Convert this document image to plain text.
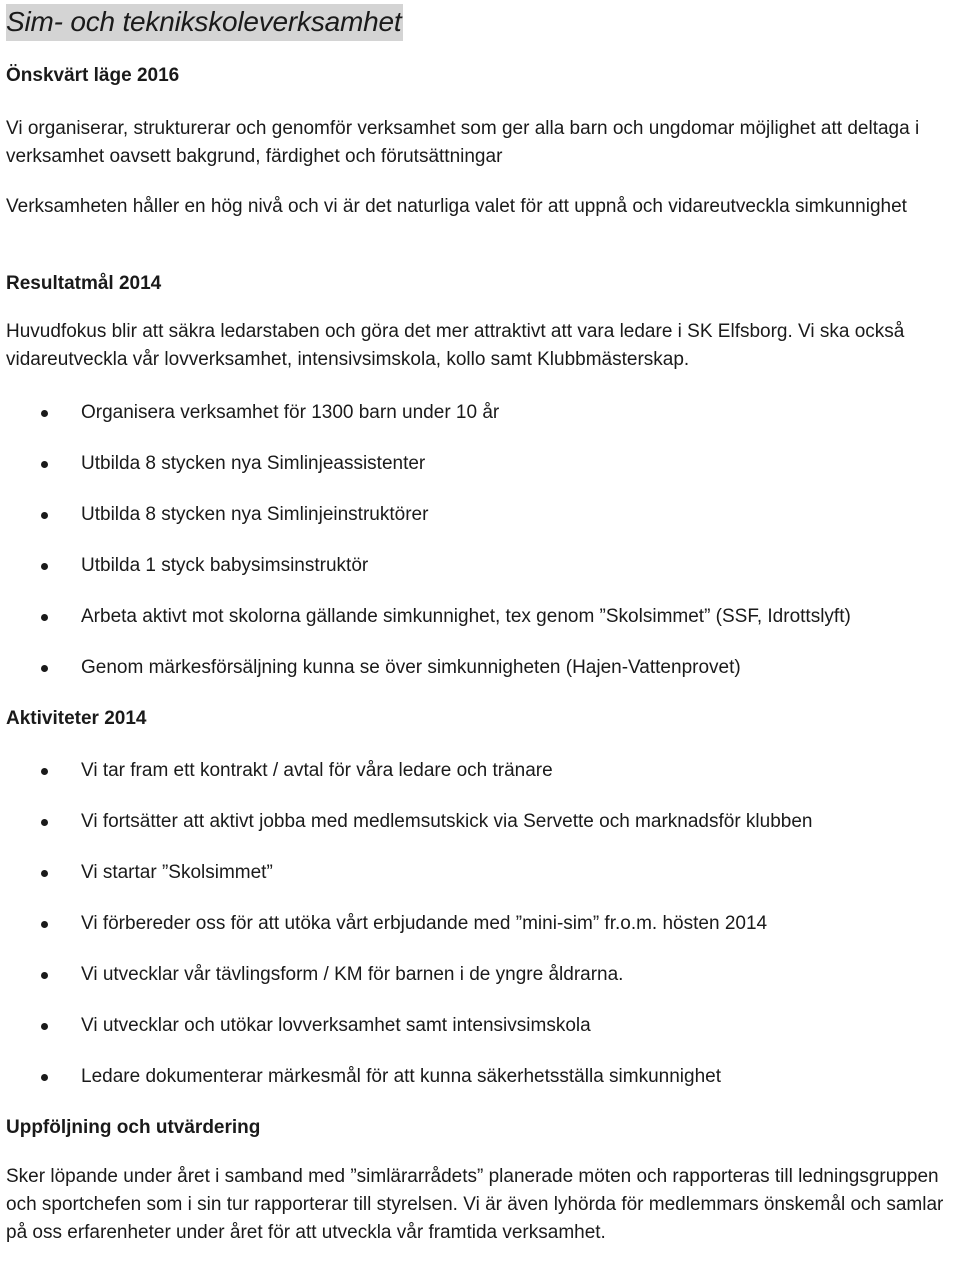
Sim- och teknikskoleverksamhet
Önskvärt läge 2016

Vi organiserar, strukturerar och genomför verksamhet som ger alla barn och ungdomar möjlighet att deltaga i verksamhet oavsett bakgrund, färdighet och förutsättningar

Verksamheten håller en hög nivå och vi är det naturliga valet för att uppnå och vidareutveckla simkunnighet

Resultatmål 2014

Huvudfokus blir att säkra ledarstaben och göra det mer attraktivt att vara ledare i SK Elfsborg. Vi ska också vidareutveckla vår lovverksamhet, intensivsimskola, kollo samt Klubbmästerskap.

Organisera verksamhet för 1300 barn under 10 år
Utbilda 8 stycken nya Simlinjeassistenter
Utbilda 8 stycken nya Simlinjeinstruktörer
Utbilda 1 styck babysimsinstruktör
Arbeta aktivt mot skolorna gällande simkunnighet, tex genom ”Skolsimmet” (SSF, Idrottslyft)
Genom märkesförsäljning kunna se över simkunnigheten (Hajen-Vattenprovet)
Aktiviteter 2014
Vi tar fram ett kontrakt / avtal för våra ledare och tränare
Vi fortsätter att aktivt jobba med medlemsutskick via Servette och marknadsför klubben
Vi startar ”Skolsimmet”
Vi förbereder oss för att utöka vårt erbjudande med ”mini-sim” fr.o.m. hösten 2014
Vi utvecklar vår tävlingsform / KM för barnen i de yngre åldrarna.
Vi utvecklar och utökar lovverksamhet samt intensivsimskola
Ledare dokumenterar märkesmål för att kunna säkerhetsställa simkunnighet
Uppföljning och utvärdering

Sker löpande under året i samband med ”simlärarrådets” planerade möten och rapporteras till ledningsgruppen och sportchefen som i sin tur rapporterar till styrelsen. Vi är även lyhörda för medlemmars önskemål och samlar på oss erfarenheter under året för att utveckla vår framtida verksamhet.
